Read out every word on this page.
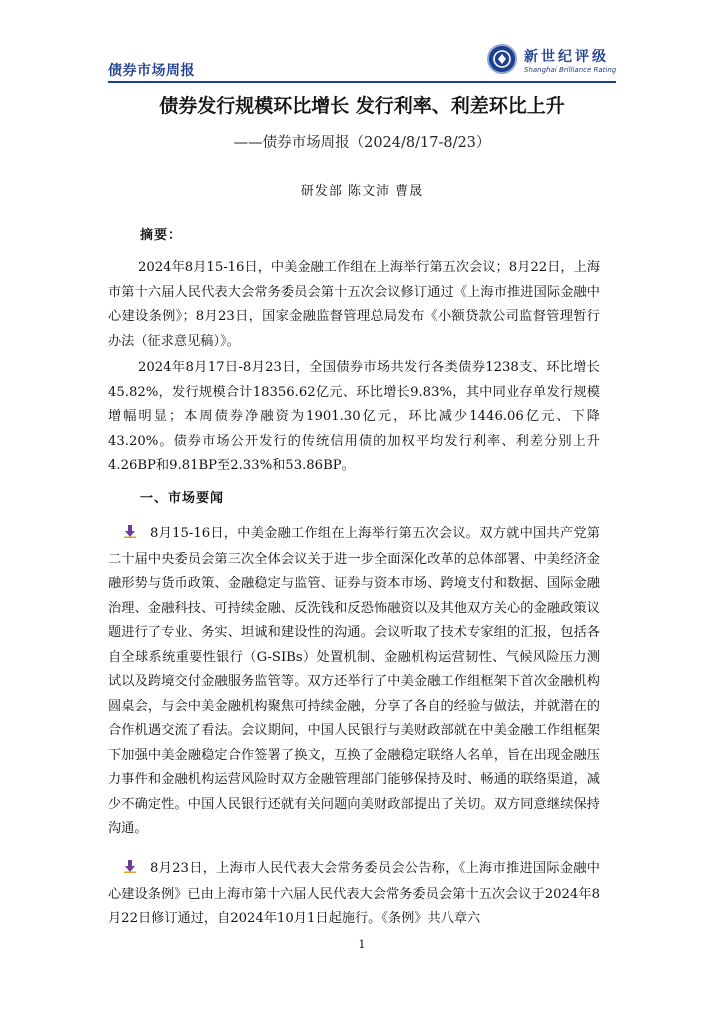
债券市场周报
新世纪评级
Shanghai Brilliance Rating
债券发行规模环比增长 发行利率、利差环比上升
——债券市场周报（2024/8/17-8/23）
研发部 陈文沛 曹晟
摘要：

2024年8月15-16日，中美金融工作组在上海举行第五次会议；8月22日，上海市第十六届人民代表大会常务委员会第十五次会议修订通过《上海市推进国际金融中心建设条例》；8月23日，国家金融监督管理总局发布《小额贷款公司监督管理暂行办法（征求意见稿）》。

2024年8月17日-8月23日，全国债券市场共发行各类债券1238支、环比增长45.82%，发行规模合计18356.62亿元、环比增长9.83%，其中同业存单发行规模增幅明显；本周债券净融资为1901.30亿元，环比减少1446.06亿元、下降43.20%。债券市场公开发行的传统信用债的加权平均发行利率、利差分别上升4.26BP和9.81BP至2.33%和53.86BP。

一、市场要闻

8月15-16日，中美金融工作组在上海举行第五次会议。双方就中国共产党第二十届中央委员会第三次全体会议关于进一步全面深化改革的总体部署、中美经济金融形势与货币政策、金融稳定与监管、证券与资本市场、跨境支付和数据、国际金融治理、金融科技、可持续金融、反洗钱和反恐怖融资以及其他双方关心的金融政策议题进行了专业、务实、坦诚和建设性的沟通。会议听取了技术专家组的汇报，包括各自全球系统重要性银行（G-SIBs）处置机制、金融机构运营韧性、气候风险压力测试以及跨境交付金融服务监管等。双方还举行了中美金融工作组框架下首次金融机构圆桌会，与会中美金融机构聚焦可持续金融，分享了各自的经验与做法，并就潜在的合作机遇交流了看法。会议期间，中国人民银行与美财政部就在中美金融工作组框架下加强中美金融稳定合作签署了换文，互换了金融稳定联络人名单，旨在出现金融压力事件和金融机构运营风险时双方金融管理部门能够保持及时、畅通的联络渠道，减少不确定性。中国人民银行还就有关问题向美财政部提出了关切。双方同意继续保持沟通。

8月23日，上海市人民代表大会常务委员会公告称，《上海市推进国际金融中心建设条例》已由上海市第十六届人民代表大会常务委员会第十五次会议于2024年8月22日修订通过，自2024年10月1日起施行。《条例》共八章六

1
